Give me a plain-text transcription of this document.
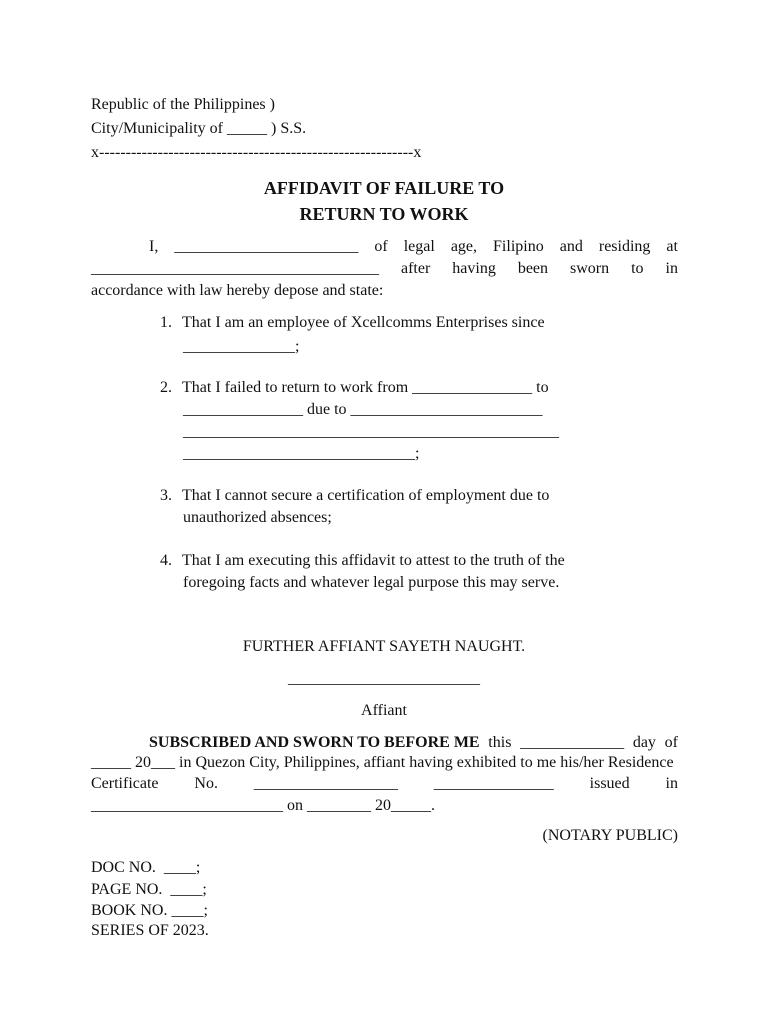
Republic of the Philippines )
City/Municipality of _____ ) S.S.
x-----------------------------------------------------------x
AFFIDAVIT OF FAILURE TO
RETURN TO WORK
I, _______________________ of legal age, Filipino and residing at
____________________________________ after having been sworn to in
accordance with law hereby depose and state:
1. That I am an employee of Xcellcomms Enterprises since
______________;
2. That I failed to return to work from _______________ to
_______________ due to ________________________
_______________________________________________
_____________________________;
3. That I cannot secure a certification of employment due to
unauthorized absences;
4. That I am executing this affidavit to attest to the truth of the
foregoing facts and whatever legal purpose this may serve.
FURTHER AFFIANT SAYETH NAUGHT.
________________________
Affiant
SUBSCRIBED AND SWORN TO BEFORE ME this _____________ day of
_____ 20___ in Quezon City, Philippines, affiant having exhibited to me his/her Residence
Certificate No. __________________ _______________ issued in
________________________ on ________ 20_____.
(NOTARY PUBLIC)
DOC NO.  ____;
PAGE NO.  ____;
BOOK NO. ____;
SERIES OF 2023.
